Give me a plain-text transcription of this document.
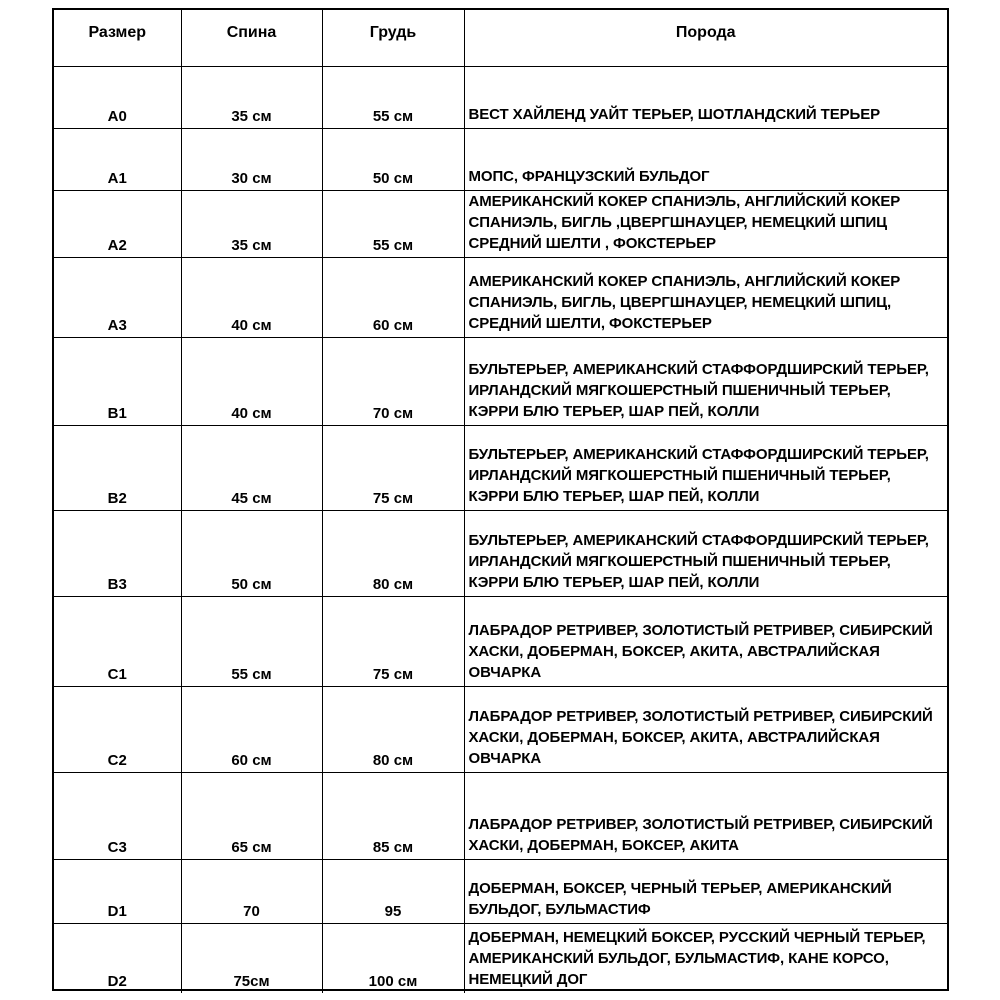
Размер	Спина	Грудь	Порода
A0	35 см	55 см	ВЕСТ ХАЙЛЕНД УАЙТ ТЕРЬЕР, ШОТЛАНДСКИЙ ТЕРЬЕР
A1	30 см	50 см	МОПС, ФРАНЦУЗСКИЙ БУЛЬДОГ
A2	35 см	55 см	АМЕРИКАНСКИЙ КОКЕР СПАНИЭЛЬ, АНГЛИЙСКИЙ КОКЕР СПАНИЭЛЬ, БИГЛЬ ,ЦВЕРГШНАУЦЕР, НЕМЕЦКИЙ ШПИЦ СРЕДНИЙ ШЕЛТИ , ФОКСТЕРЬЕР
A3	40 см	60 см	АМЕРИКАНСКИЙ КОКЕР СПАНИЭЛЬ, АНГЛИЙСКИЙ КОКЕР СПАНИЭЛЬ, БИГЛЬ, ЦВЕРГШНАУЦЕР, НЕМЕЦКИЙ ШПИЦ, СРЕДНИЙ ШЕЛТИ, ФОКСТЕРЬЕР
B1	40 см	70 см	БУЛЬТЕРЬЕР, АМЕРИКАНСКИЙ СТАФФОРДШИРСКИЙ ТЕРЬЕР, ИРЛАНДСКИЙ МЯГКОШЕРСТНЫЙ ПШЕНИЧНЫЙ ТЕРЬЕР, КЭРРИ БЛЮ ТЕРЬЕР, ШАР ПЕЙ, КОЛЛИ
B2	45 см	75 см	БУЛЬТЕРЬЕР, АМЕРИКАНСКИЙ СТАФФОРДШИРСКИЙ ТЕРЬЕР, ИРЛАНДСКИЙ МЯГКОШЕРСТНЫЙ ПШЕНИЧНЫЙ ТЕРЬЕР, КЭРРИ БЛЮ ТЕРЬЕР, ШАР ПЕЙ, КОЛЛИ
B3	50 см	80 см	БУЛЬТЕРЬЕР, АМЕРИКАНСКИЙ СТАФФОРДШИРСКИЙ ТЕРЬЕР, ИРЛАНДСКИЙ МЯГКОШЕРСТНЫЙ ПШЕНИЧНЫЙ ТЕРЬЕР, КЭРРИ БЛЮ ТЕРЬЕР, ШАР ПЕЙ, КОЛЛИ
C1	55 см	75 см	ЛАБРАДОР РЕТРИВЕР, ЗОЛОТИСТЫЙ РЕТРИВЕР, СИБИРСКИЙ ХАСКИ, ДОБЕРМАН, БОКСЕР, АКИТА, АВСТРАЛИЙСКАЯ ОВЧАРКА
C2	60 см	80 см	ЛАБРАДОР РЕТРИВЕР, ЗОЛОТИСТЫЙ РЕТРИВЕР, СИБИРСКИЙ ХАСКИ, ДОБЕРМАН, БОКСЕР, АКИТА, АВСТРАЛИЙСКАЯ ОВЧАРКА
C3	65 см	85 см	ЛАБРАДОР РЕТРИВЕР, ЗОЛОТИСТЫЙ РЕТРИВЕР, СИБИРСКИЙ ХАСКИ, ДОБЕРМАН, БОКСЕР, АКИТА
D1	70	95	ДОБЕРМАН, БОКСЕР, ЧЕРНЫЙ ТЕРЬЕР, АМЕРИКАНСКИЙ БУЛЬДОГ, БУЛЬМАСТИФ
D2	75см	100 см	ДОБЕРМАН, НЕМЕЦКИЙ БОКСЕР, РУССКИЙ ЧЕРНЫЙ ТЕРЬЕР, АМЕРИКАНСКИЙ БУЛЬДОГ, БУЛЬМАСТИФ, КАНЕ КОРСО, НЕМЕЦКИЙ ДОГ
